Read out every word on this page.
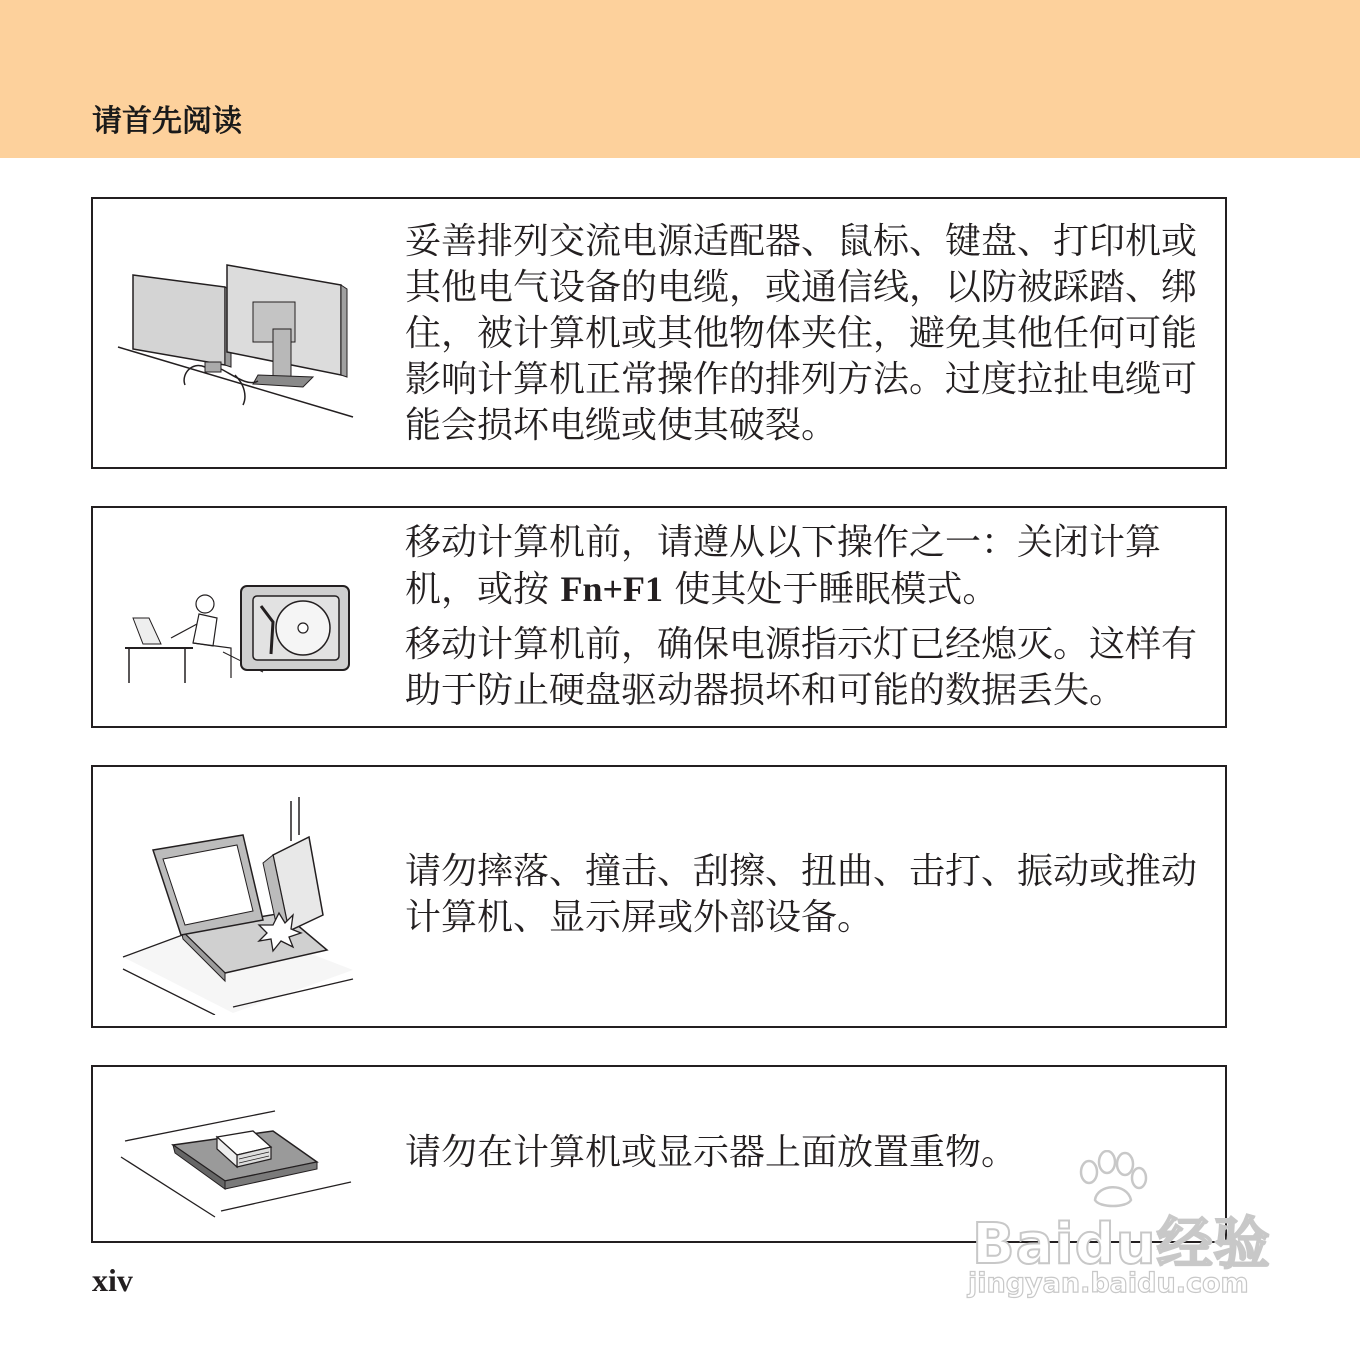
请首先阅读

妥善排列交流电源适配器、鼠标、键盘、打印机或其他电气设备的电缆，或通信线，以防被踩踏、绑住，被计算机或其他物体夹住，避免其他任何可能影响计算机正常操作的排列方法。过度拉扯电缆可能会损坏电缆或使其破裂。

移动计算机前，请遵从以下操作之一：关闭计算机，或按 Fn+F1 使其处于睡眠模式。

移动计算机前，确保电源指示灯已经熄灭。这样有助于防止硬盘驱动器损坏和可能的数据丢失。

请勿摔落、撞击、刮擦、扭曲、击打、振动或推动计算机、显示屏或外部设备。

请勿在计算机或显示器上面放置重物。

xiv
Baidu经验
jingyan.baidu.com
